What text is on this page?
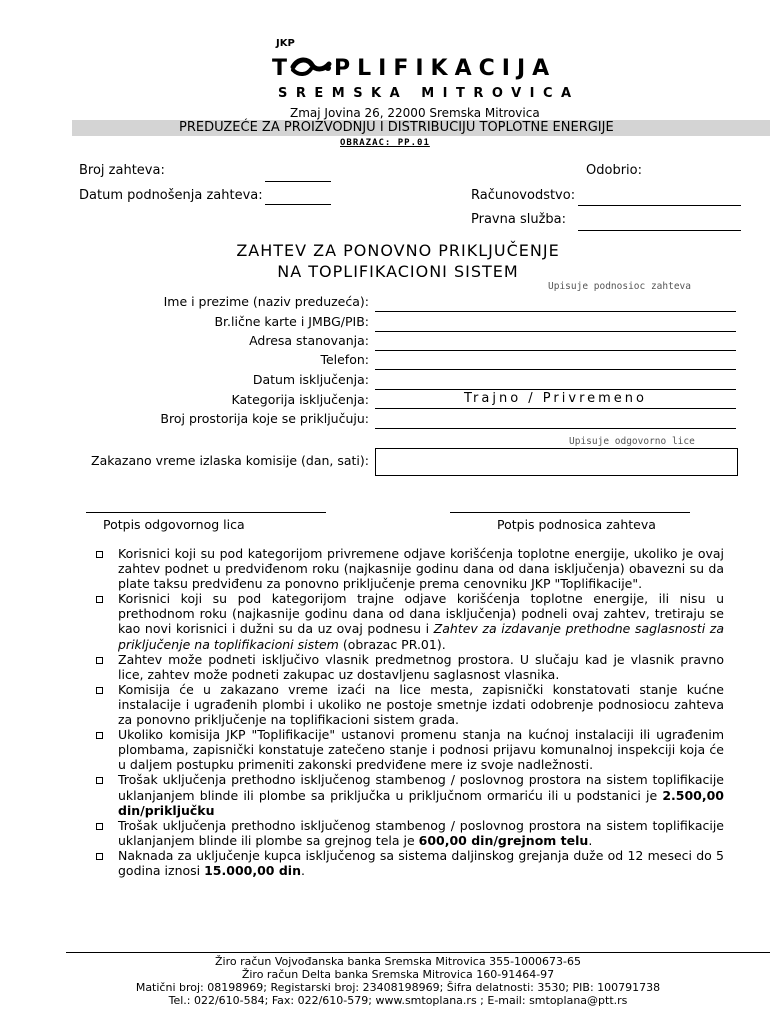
JKP
T PLIFIKACIJA
SREMSKA MITROVICA
Zmaj Jovina 26, 22000 Sremska Mitrovica
PREDUZEĆE ZA PROIZVODNJU I DISTRIBUCIJU TOPLOTNE ENERGIJE
OBRAZAC: PP.01
Broj zahteva:
Datum podnošenja zahteva:
Odobrio:
Računovodstvo:
Pravna služba:
ZAHTEV ZA PONOVNO PRIKLJUČENJE
NA TOPLIFIKACIONI SISTEM
Upisuje podnosioc zahteva
Ime i prezime (naziv preduzeća):
Br.lične karte i JMBG/PIB:
Adresa stanovanja:
Telefon:
Datum isključenja:
Kategorija isključenja:	Trajno / Privremeno
Broj prostorija koje se priključuju:
Upisuje odgovorno lice
Zakazano vreme izlaska komisije (dan, sati):
Potpis odgovornog lica	Potpis podnosica zahteva
Korisnici koji su pod kategorijom privremene odjave korišćenja toplotne energije, ukoliko je ovaj zahtev podnet u predviđenom roku (najkasnije godinu dana od dana isključenja) obavezni su da plate taksu predviđenu za ponovno priključenje prema cenovniku JKP "Toplifikacije".
Korisnici koji su pod kategorijom trajne odjave korišćenja toplotne energije, ili nisu u prethodnom roku (najkasnije godinu dana od dana isključenja) podneli ovaj zahtev, tretiraju se kao novi korisnici i dužni su da uz ovaj podnesu i Zahtev za izdavanje prethodne saglasnosti za priključenje na toplifikacioni sistem (obrazac PR.01).
Zahtev može podneti isključivo vlasnik predmetnog prostora. U slučaju kad je vlasnik pravno lice, zahtev može podneti zakupac uz dostavljenu saglasnost vlasnika.
Komisija će u zakazano vreme izaći na lice mesta, zapisnički konstatovati stanje kućne instalacije i ugrađenih plombi i ukoliko ne postoje smetnje izdati odobrenje podnosiocu zahteva za ponovno priključenje na toplifikacioni sistem grada.
Ukoliko komisija JKP "Toplifikacije" ustanovi promenu stanja na kućnoj instalaciji ili ugrađenim plombama, zapisnički konstatuje zatečeno stanje i podnosi prijavu komunalnoj inspekciji koja će u daljem postupku primeniti zakonski predviđene mere iz svoje nadležnosti.
Trošak uključenja prethodno isključenog stambenog / poslovnog prostora na sistem toplifikacije uklanjanjem blinde ili plombe sa priključka u priključnom ormariću ili u podstanici je 2.500,00 din/priključku
Trošak uključenja prethodno isključenog stambenog / poslovnog prostora na sistem toplifikacije uklanjanjem blinde ili plombe sa grejnog tela je 600,00 din/grejnom telu.
Naknada za uključenje kupca isključenog sa sistema daljinskog grejanja duže od 12 meseci do 5 godina iznosi 15.000,00 din.
Žiro račun Vojvođanska banka Sremska Mitrovica 355-1000673-65
Žiro račun Delta banka Sremska Mitrovica 160-91464-97
Matični broj: 08198969; Registarski broj: 23408198969; Šifra delatnosti: 3530; PIB: 100791738
Tel.: 022/610-584; Fax: 022/610-579; www.smtoplana.rs ; E-mail: smtoplana@ptt.rs
